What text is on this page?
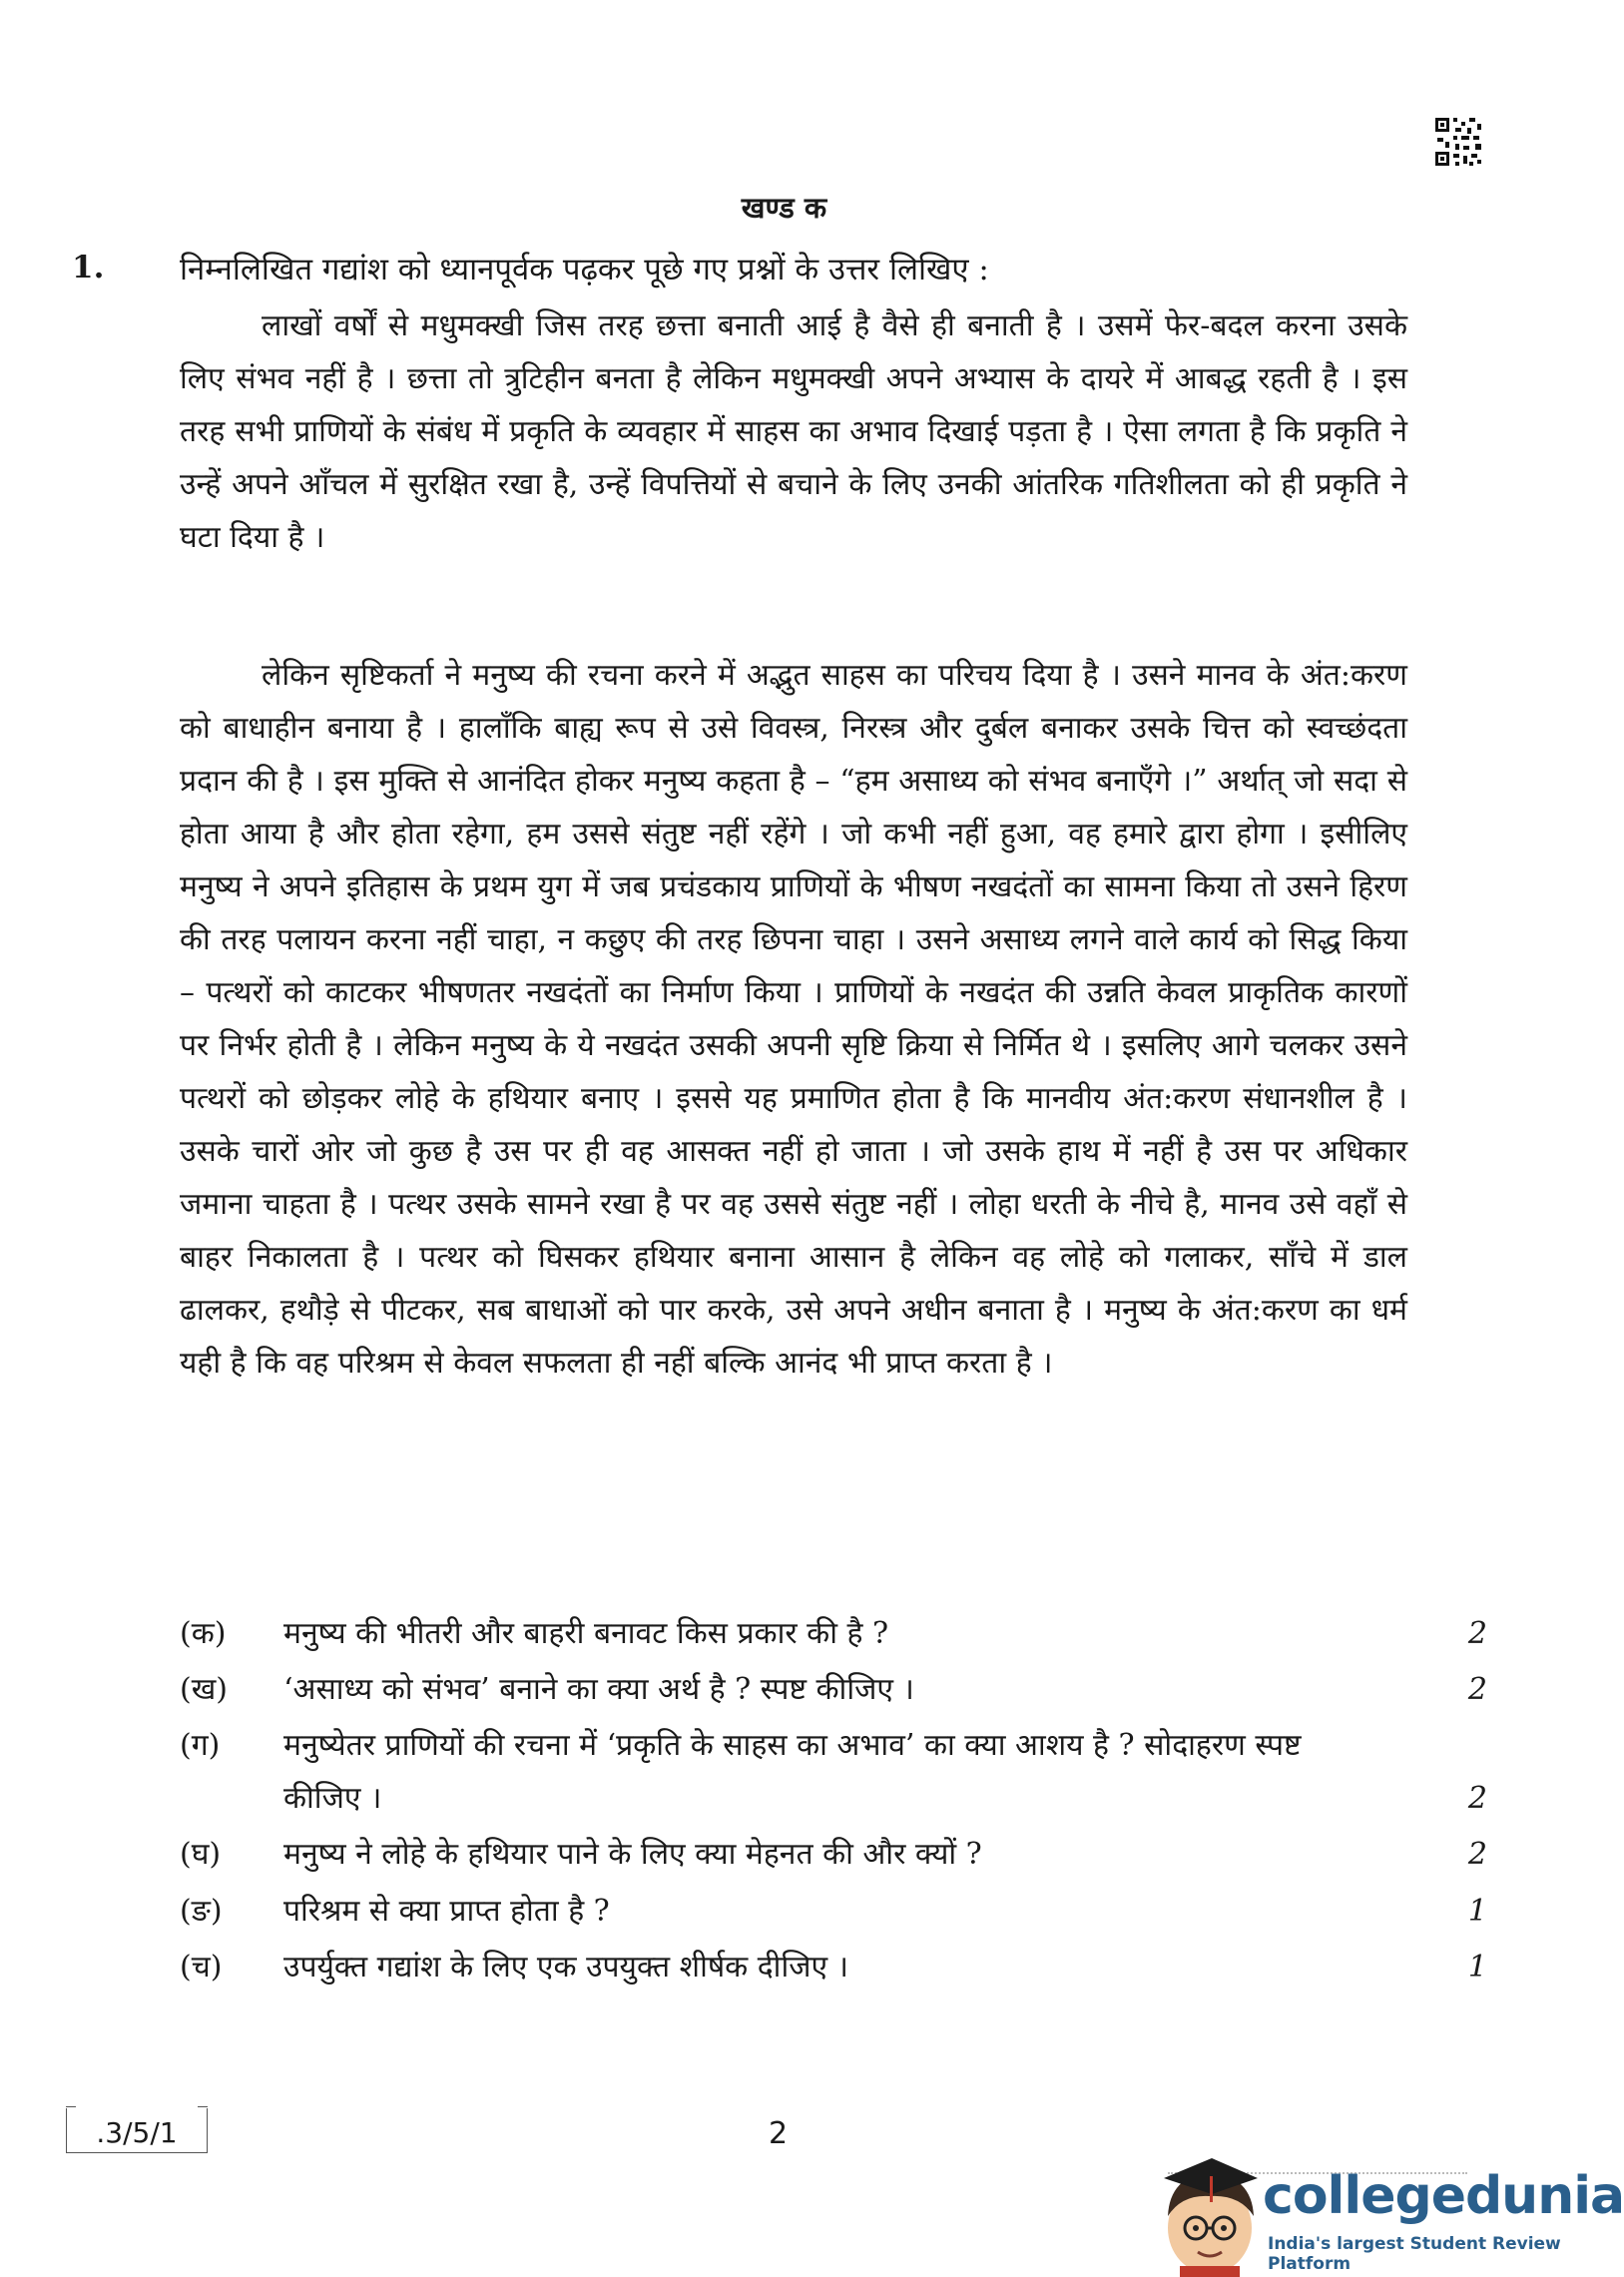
खण्ड क
1. निम्नलिखित गद्यांश को ध्यानपूर्वक पढ़कर पूछे गए प्रश्नों के उत्तर लिखिए :

लाखों वर्षों से मधुमक्खी जिस तरह छत्ता बनाती आई है वैसे ही बनाती है । उसमें फेर-बदल करना उसके लिए संभव नहीं है । छत्ता तो त्रुटिहीन बनता है लेकिन मधुमक्खी अपने अभ्यास के दायरे में आबद्ध रहती है । इस तरह सभी प्राणियों के संबंध में प्रकृति के व्यवहार में साहस का अभाव दिखाई पड़ता है । ऐसा लगता है कि प्रकृति ने उन्हें अपने आँचल में सुरक्षित रखा है, उन्हें विपत्तियों से बचाने के लिए उनकी आंतरिक गतिशीलता को ही प्रकृति ने घटा दिया है ।

लेकिन सृष्टिकर्ता ने मनुष्य की रचना करने में अद्भुत साहस का परिचय दिया है । उसने मानव के अंत:करण को बाधाहीन बनाया है । हालाँकि बाह्य रूप से उसे विवस्त्र, निरस्त्र और दुर्बल बनाकर उसके चित्त को स्वच्छंदता प्रदान की है । इस मुक्ति से आनंदित होकर मनुष्य कहता है – “हम असाध्य को संभव बनाएँगे ।” अर्थात् जो सदा से होता आया है और होता रहेगा, हम उससे संतुष्ट नहीं रहेंगे । जो कभी नहीं हुआ, वह हमारे द्वारा होगा । इसीलिए मनुष्य ने अपने इतिहास के प्रथम युग में जब प्रचंडकाय प्राणियों के भीषण नखदंतों का सामना किया तो उसने हिरण की तरह पलायन करना नहीं चाहा, न कछुए की तरह छिपना चाहा । उसने असाध्य लगने वाले कार्य को सिद्ध किया – पत्थरों को काटकर भीषणतर नखदंतों का निर्माण किया । प्राणियों के नखदंत की उन्नति केवल प्राकृतिक कारणों पर निर्भर होती है । लेकिन मनुष्य के ये नखदंत उसकी अपनी सृष्टि क्रिया से निर्मित थे । इसलिए आगे चलकर उसने पत्थरों को छोड़कर लोहे के हथियार बनाए । इससे यह प्रमाणित होता है कि मानवीय अंत:करण संधानशील है । उसके चारों ओर जो कुछ है उस पर ही वह आसक्त नहीं हो जाता । जो उसके हाथ में नहीं है उस पर अधिकार जमाना चाहता है । पत्थर उसके सामने रखा है पर वह उससे संतुष्ट नहीं । लोहा धरती के नीचे है, मानव उसे वहाँ से बाहर निकालता है । पत्थर को घिसकर हथियार बनाना आसान है लेकिन वह लोहे को गलाकर, साँचे में डाल ढालकर, हथौड़े से पीटकर, सब बाधाओं को पार करके, उसे अपने अधीन बनाता है । मनुष्य के अंत:करण का धर्म यही है कि वह परिश्रम से केवल सफलता ही नहीं बल्कि आनंद भी प्राप्त करता है ।

(क) मनुष्य की भीतरी और बाहरी बनावट किस प्रकार की है ?	2
(ख) ‘असाध्य को संभव’ बनाने का क्या अर्थ है ? स्पष्ट कीजिए ।	2
(ग) मनुष्येतर प्राणियों की रचना में ‘प्रकृति के साहस का अभाव’ का क्या आशय है ? सोदाहरण स्पष्ट कीजिए ।	2
(घ) मनुष्य ने लोहे के हथियार पाने के लिए क्या मेहनत की और क्यों ?	2
(ङ) परिश्रम से क्या प्राप्त होता है ?	1
(च) उपर्युक्त गद्यांश के लिए एक उपयुक्त शीर्षक दीजिए ।	1
.3/5/1	2
collegedunia
India's largest Student Review Platform
